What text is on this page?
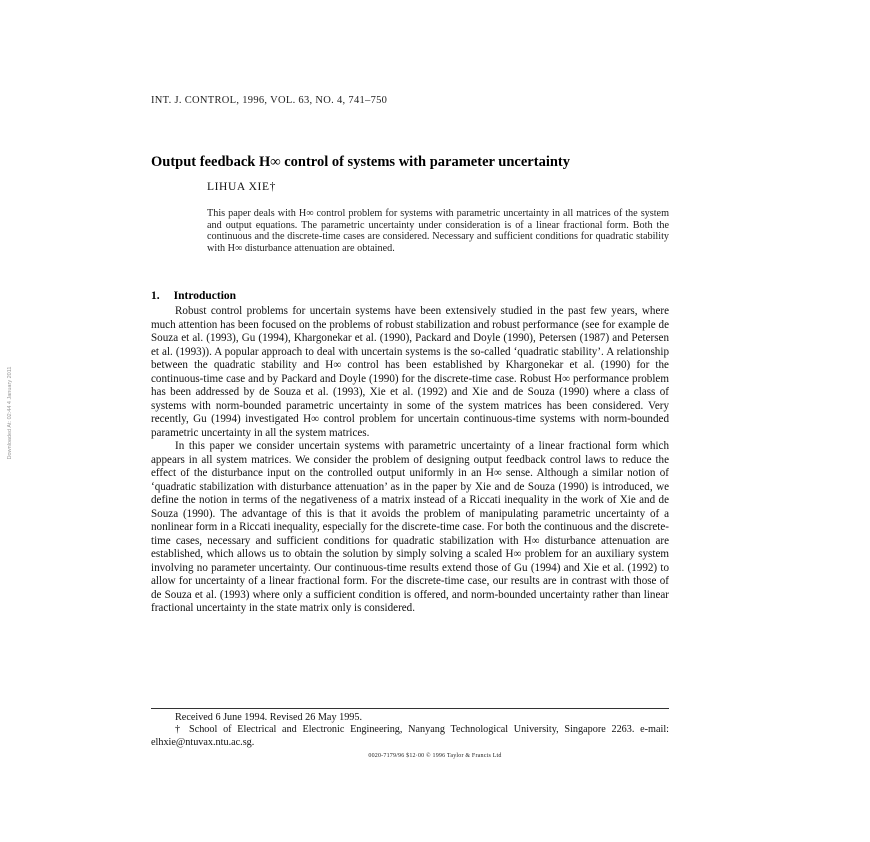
Downloaded At: 02:44 4 January 2011
INT. J. CONTROL, 1996, VOL. 63, NO. 4, 741–750
Output feedback H∞ control of systems with parameter uncertainty
LIHUA XIE†
This paper deals with H∞ control problem for systems with parametric uncertainty in all matrices of the system and output equations. The parametric uncertainty under consideration is of a linear fractional form. Both the continuous and the discrete-time cases are considered. Necessary and sufficient conditions for quadratic stability with H∞ disturbance attenuation are obtained.
1. Introduction

Robust control problems for uncertain systems have been extensively studied in the past few years, where much attention has been focused on the problems of robust stabilization and robust performance (see for example de Souza et al. (1993), Gu (1994), Khargonekar et al. (1990), Packard and Doyle (1990), Petersen (1987) and Petersen et al. (1993)). A popular approach to deal with uncertain systems is the so-called ‘quadratic stability’. A relationship between the quadratic stability and H∞ control has been established by Khargonekar et al. (1990) for the continuous-time case and by Packard and Doyle (1990) for the discrete-time case. Robust H∞ performance problem has been addressed by de Souza et al. (1993), Xie et al. (1992) and Xie and de Souza (1990) where a class of systems with norm-bounded parametric uncertainty in some of the system matrices has been considered. Very recently, Gu (1994) investigated H∞ control problem for uncertain continuous-time systems with norm-bounded parametric uncertainty in all the system matrices.

In this paper we consider uncertain systems with parametric uncertainty of a linear fractional form which appears in all system matrices. We consider the problem of designing output feedback control laws to reduce the effect of the disturbance input on the controlled output uniformly in an H∞ sense. Although a similar notion of ‘quadratic stabilization with disturbance attenuation’ as in the paper by Xie and de Souza (1990) is introduced, we define the notion in terms of the negativeness of a matrix instead of a Riccati inequality in the work of Xie and de Souza (1990). The advantage of this is that it avoids the problem of manipulating parametric uncertainty of a nonlinear form in a Riccati inequality, especially for the discrete-time case. For both the continuous and the discrete-time cases, necessary and sufficient conditions for quadratic stabilization with H∞ disturbance attenuation are established, which allows us to obtain the solution by simply solving a scaled H∞ problem for an auxiliary system involving no parameter uncertainty. Our continuous-time results extend those of Gu (1994) and Xie et al. (1992) to allow for uncertainty of a linear fractional form. For the discrete-time case, our results are in contrast with those of de Souza et al. (1993) where only a sufficient condition is offered, and norm-bounded uncertainty rather than linear fractional uncertainty in the state matrix only is considered.

Received 6 June 1994. Revised 26 May 1995.

† School of Electrical and Electronic Engineering, Nanyang Technological University, Singapore 2263. e-mail: elhxie@ntuvax.ntu.ac.sg.

0020-7179/96 $12·00 © 1996 Taylor & Francis Ltd
